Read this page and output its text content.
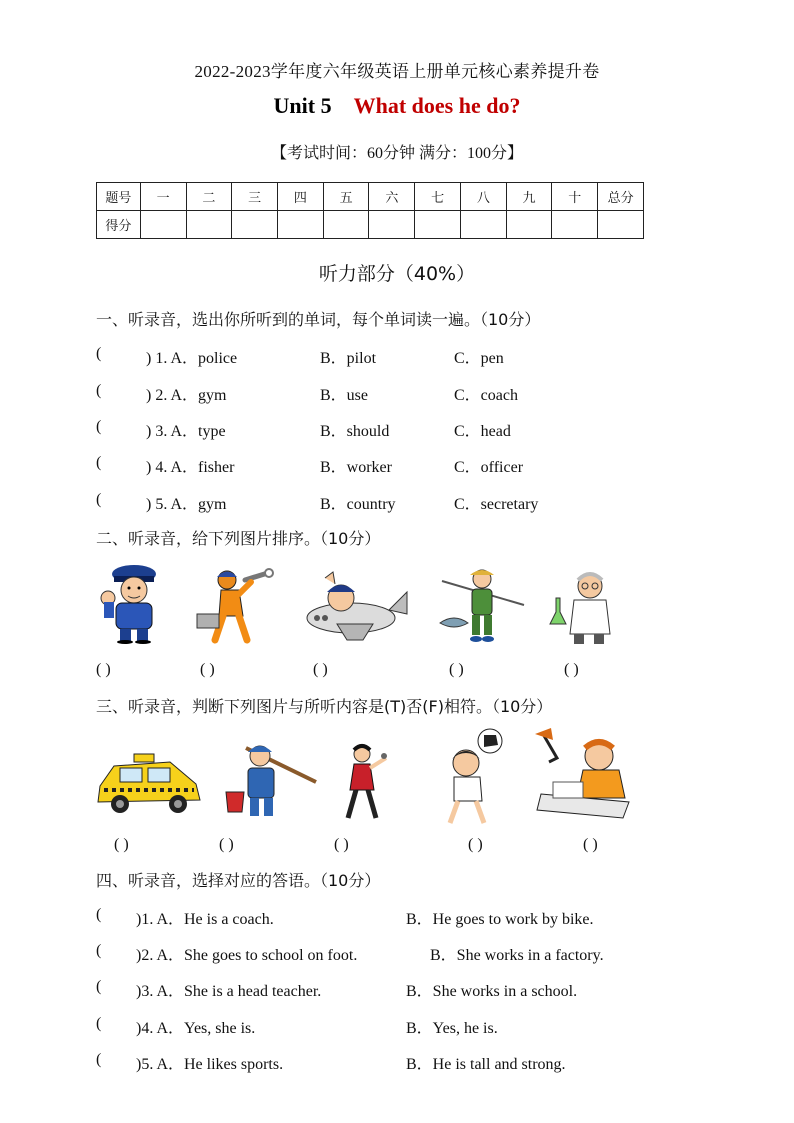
2022-2023学年度六年级英语上册单元核心素养提升卷
Unit 5 What does he do?
【考试时间：60分钟 满分：100分】
题号	一	二	三	四	五	六	七	八	九	十	总分
得分											
听力部分（40%）
一、听录音，选出你所听到的单词，每个单词读一遍。（10分）
(	) 1. A．police	B．pilot	C．pen
(	) 2. A．gym	B．use	C．coach
(	) 3. A．type	B．should	C．head
(	) 4. A．fisher	B．worker	C．officer
(	) 5. A．gym	B．country	C．secretary
二、听录音，给下列图片排序。（10分）
( )	( )	( )	( )	( )
三、听录音，判断下列图片与所听内容是(T)否(F)相符。（10分）
( )	( )	( )	( )	( )
四、听录音，选择对应的答语。（10分）
( )1. A．He is a coach.	B．He goes to work by bike.
( )2. A．She goes to school on foot.	B．She works in a factory.
( )3. A．She is a head teacher.	B．She works in a school.
( )4. A．Yes, she is.	B．Yes, he is.
( )5. A．He likes sports.	B．He is tall and strong.
